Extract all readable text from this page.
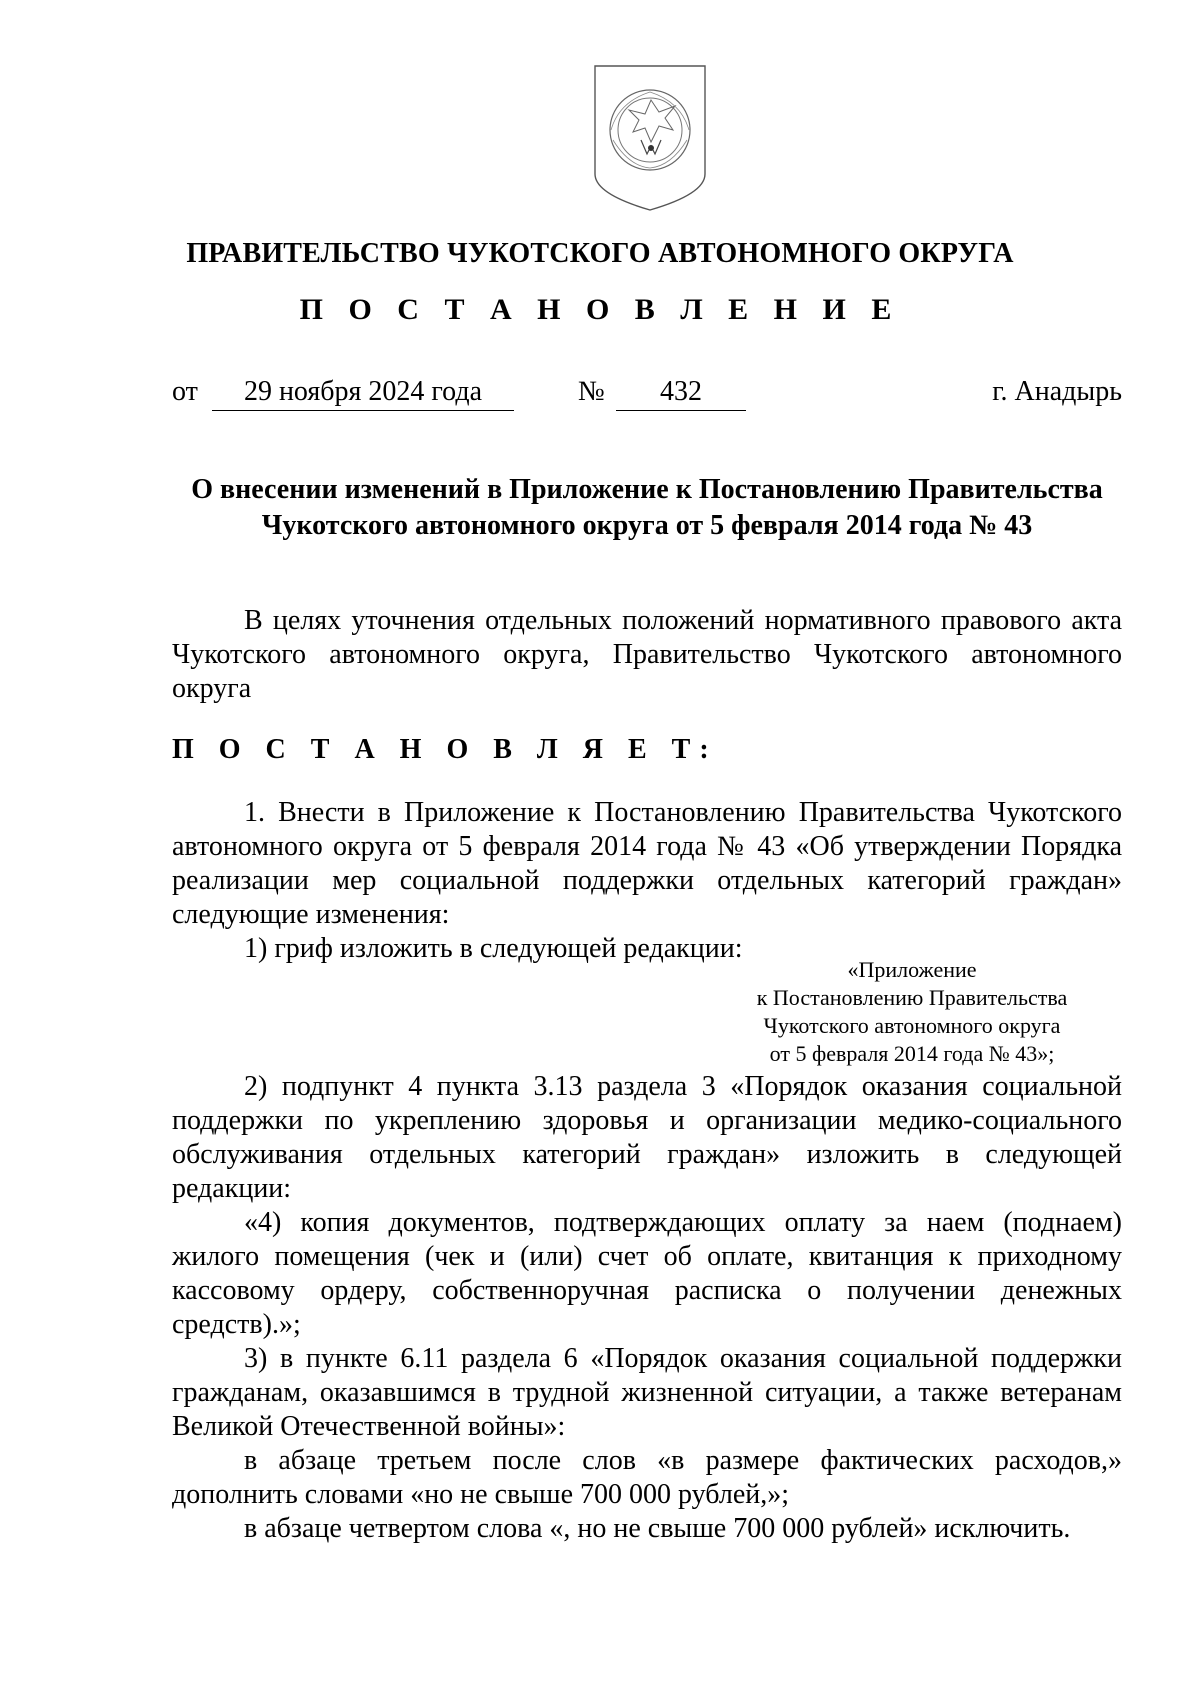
ПРАВИТЕЛЬСТВО ЧУКОТСКОГО АВТОНОМНОГО ОКРУГА
П О С Т А Н О В Л Е Н И Е
от	29 ноября 2024 года	№	432	г. Анадырь
О внесении изменений в Приложение к Постановлению Правительства
Чукотского автономного округа от 5 февраля 2014 года № 43

В целях уточнения отдельных положений нормативного правового акта Чукотского автономного округа, Правительство Чукотского автономного округа

П О С Т А Н О В Л Я Е Т:

1. Внести в Приложение к Постановлению Правительства Чукотского автономного округа от 5 февраля 2014 года № 43 «Об утверждении Порядка реализации мер социальной поддержки отдельных категорий граждан» следующие изменения:

1) гриф изложить в следующей редакции:

«Приложение
к Постановлению Правительства
Чукотского автономного округа
от 5 февраля 2014 года № 43»;

2) подпункт 4 пункта 3.13 раздела 3 «Порядок оказания социальной поддержки по укреплению здоровья и организации медико-социального обслуживания отдельных категорий граждан» изложить в следующей редакции:

«4) копия документов, подтверждающих оплату за наем (поднаем) жилого помещения (чек и (или) счет об оплате, квитанция к приходному кассовому ордеру, собственноручная расписка о получении денежных средств).»;

3) в пункте 6.11 раздела 6 «Порядок оказания социальной поддержки гражданам, оказавшимся в трудной жизненной ситуации, а также ветеранам Великой Отечественной войны»:

в абзаце третьем после слов «в размере фактических расходов,» дополнить словами «но не свыше 700 000 рублей,»;

в абзаце четвертом слова «, но не свыше 700 000 рублей» исключить.
